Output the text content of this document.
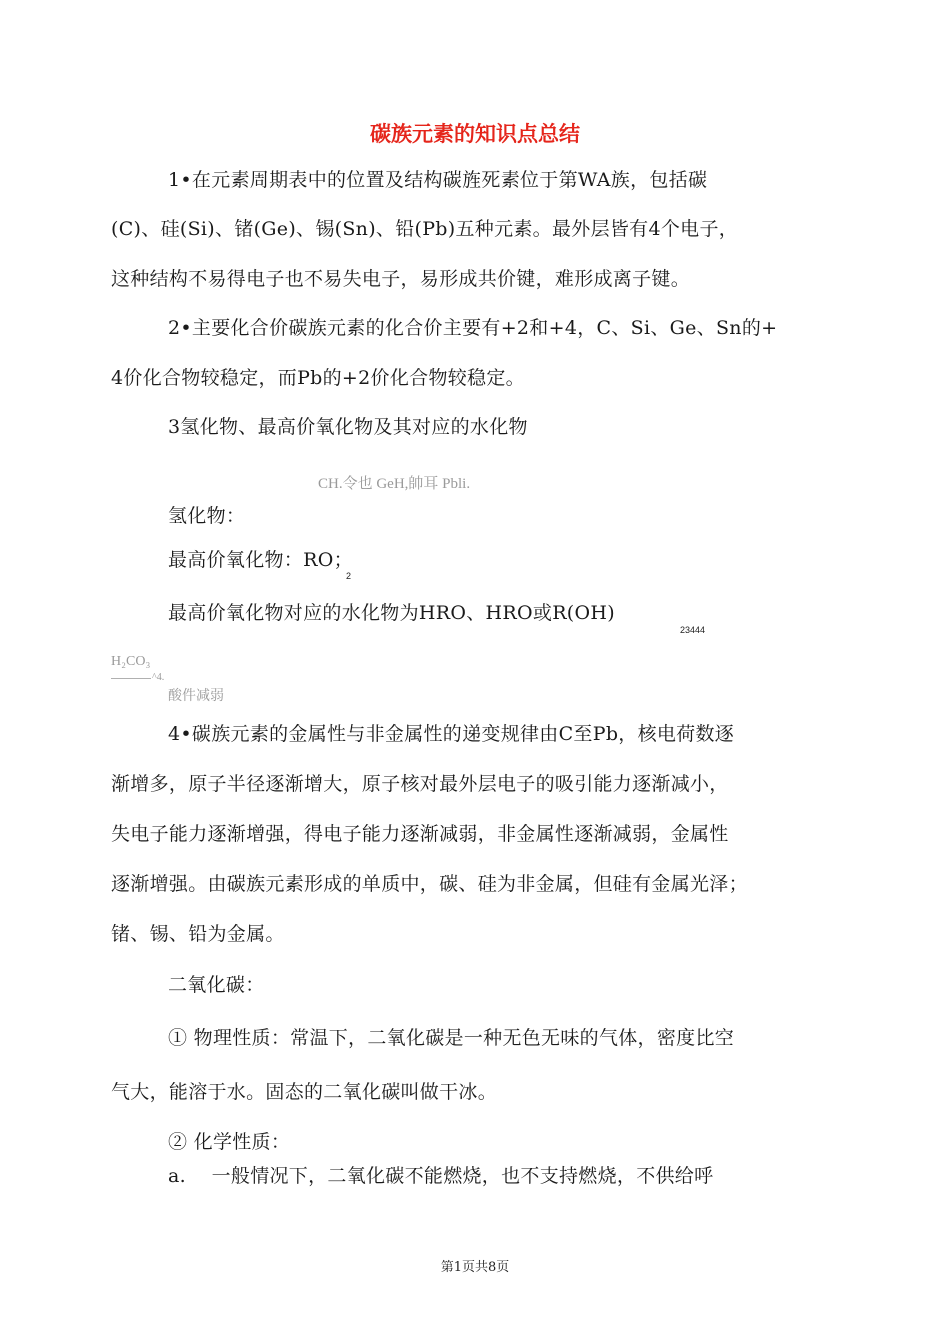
碳族元素的知识点总结
1•在元素周期表中的位置及结构碳旌死素位于第WA族，包括碳
(C)、硅(Si)、锗(Ge)、锡(Sn)、铅(Pb)五种元素。最外层皆有4个电子，
这种结构不易得电子也不易失电子，易形成共价键，难形成离子键。
2•主要化合价碳族元素的化合价主要有+2和+4，C、Si、Ge、Sn的+
4价化合物较稳定，而Pb的+2价化合物较稳定。
3氢化物、最高价氧化物及其对应的水化物
CH.令也 GeH,帥耳 Pbli.
氢化物：
最高价氧化物：RO；
2
最高价氧化物对应的水化物为HRO、HRO或R(OH)
23444
H₂CO₃
^4.
酸件减弱
4•碳族元素的金属性与非金属性的递变规律由C至Pb，核电荷数逐
渐增多，原子半径逐渐增大，原子核对最外层电子的吸引能力逐渐减小，
失电子能力逐渐增强，得电子能力逐渐减弱，非金属性逐渐减弱，金属性
逐渐增强。由碳族元素形成的单质中，碳、硅为非金属，但硅有金属光泽；
锗、锡、铅为金属。
二氧化碳：
① 物理性质：常温下，二氧化碳是一种无色无味的气体，密度比空
气大，能溶于水。固态的二氧化碳叫做干冰。
② 化学性质：
a.　 一般情况下，二氧化碳不能燃烧，也不支持燃烧，不供给呼
第1页共8页
